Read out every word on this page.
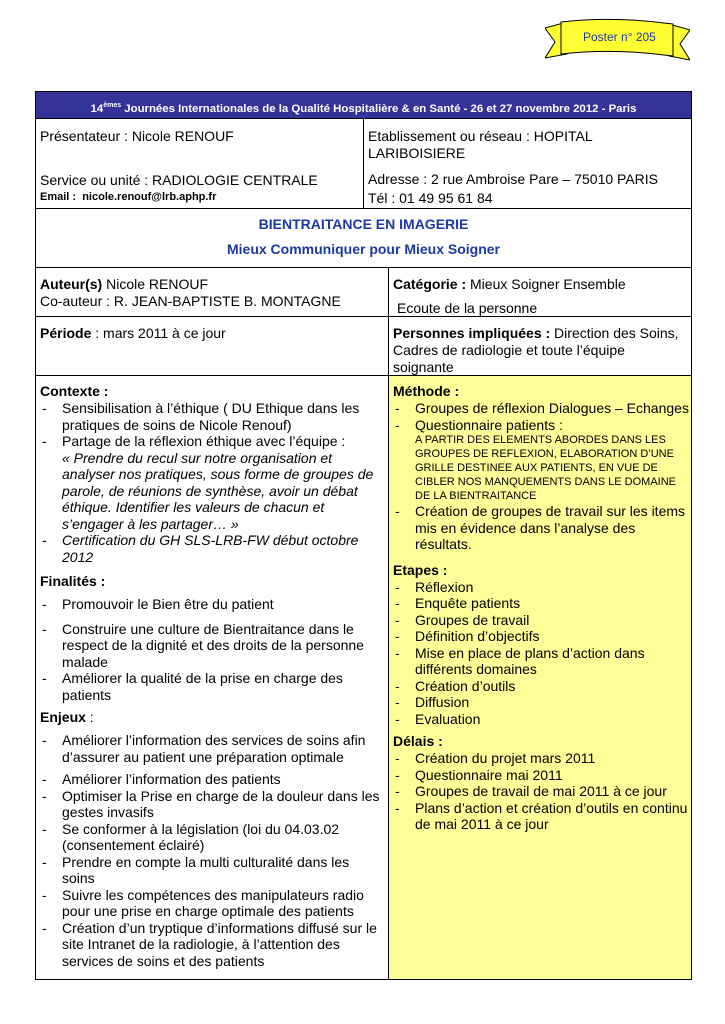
Poster n° 205
14èmes Journées Internationales de la Qualité Hospitalière & en Santé - 26 et 27 novembre 2012 - Paris
Présentateur : Nicole RENOUF
Service ou unité : RADIOLOGIE CENTRALE
Email : nicole.renouf@lrb.aphp.fr
Etablissement ou réseau : HOPITAL LARIBOISIERE
Adresse : 2 rue Ambroise Pare – 75010 PARIS
Tél : 01 49 95 61 84
BIENTRAITANCE EN IMAGERIE
Mieux Communiquer pour Mieux Soigner
Auteur(s) Nicole RENOUF
Co-auteur : R. JEAN-BAPTISTE B. MONTAGNE
Catégorie : Mieux Soigner Ensemble
Ecoute de la personne
Période : mars 2011 à ce jour	Personnes impliquées : Direction des Soins, Cadres de radiologie et toute l’équipe soignante
Contexte :
- Sensibilisation à l’éthique ( DU Ethique dans les pratiques de soins de Nicole Renouf)
- Partage de la réflexion éthique avec l’équipe :
« Prendre du recul sur notre organisation et analyser nos pratiques, sous forme de groupes de parole, de réunions de synthèse, avoir un débat éthique. Identifier les valeurs de chacun et s’engager à les partager… »
- Certification du GH SLS-LRB-FW début octobre 2012
Finalités :
- Promouvoir le Bien être du patient
- Construire une culture de Bientraitance dans le respect de la dignité et des droits de la personne malade
- Améliorer la qualité de la prise en charge des patients
Enjeux :
- Améliorer l’information des services de soins afin d’assurer au patient une préparation optimale
- Améliorer l’information des patients
- Optimiser la Prise en charge de la douleur dans les gestes invasifs
- Se conformer à la législation (loi du 04.03.02 (consentement éclairé)
- Prendre en compte la multi culturalité dans les soins
- Suivre les compétences des manipulateurs radio pour une prise en charge optimale des patients
- Création d’un tryptique d’informations diffusé sur le site Intranet de la radiologie, à l’attention des services de soins et des patients
Méthode :
- Groupes de réflexion Dialogues – Echanges
- Questionnaire patients :
A PARTIR DES ELEMENTS ABORDES DANS LES GROUPES DE REFLEXION, ELABORATION D’UNE GRILLE DESTINEE AUX PATIENTS, EN VUE DE CIBLER NOS MANQUEMENTS DANS LE DOMAINE DE LA BIENTRAITANCE
- Création de groupes de travail sur les items mis en évidence dans l’analyse des résultats.
Etapes :
- Réflexion
- Enquête patients
- Groupes de travail
- Définition d’objectifs
- Mise en place de plans d’action dans différents domaines
- Création d’outils
- Diffusion
- Evaluation
Délais :
- Création du projet mars 2011
- Questionnaire mai 2011
- Groupes de travail de mai 2011 à ce jour
- Plans d’action et création d’outils en continu de mai 2011 à ce jour
